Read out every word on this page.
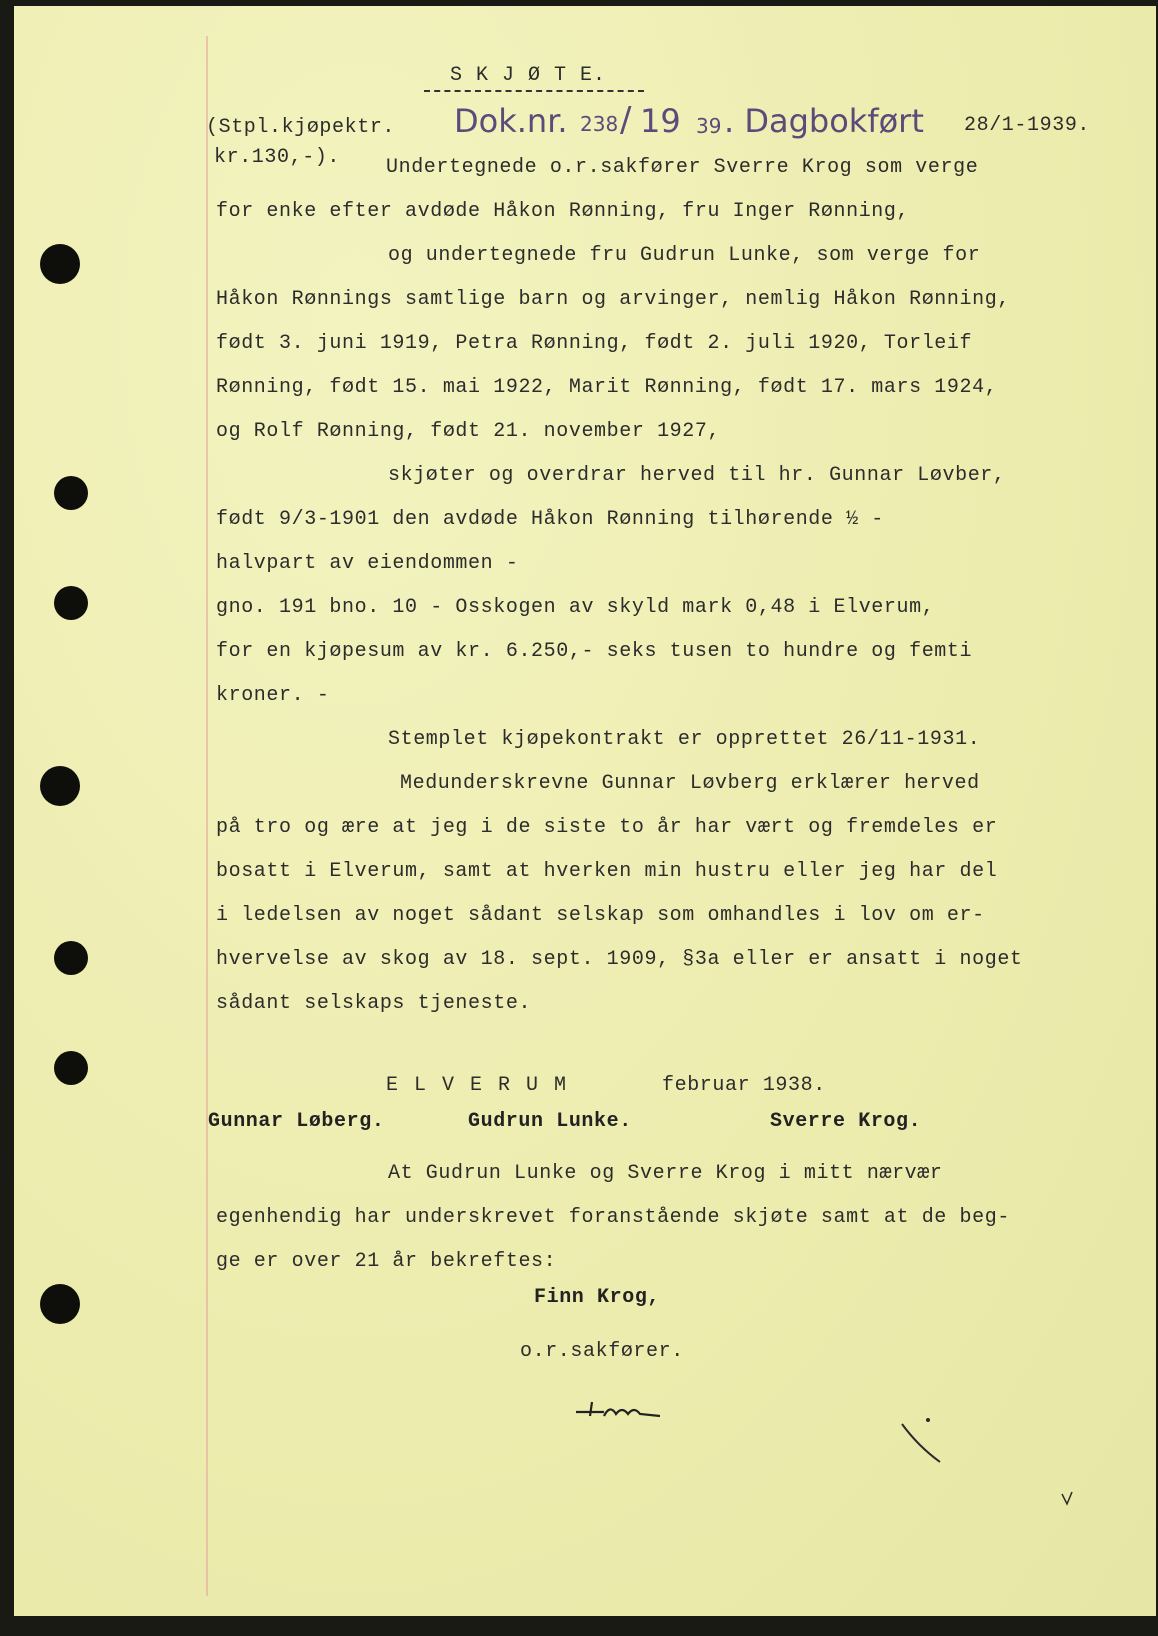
S K J Ø T E.
(Stpl.kjøpektr.
kr.130,-).
Dok.nr. 238 / 19 39 . Dagbokført 28/1-1939.
Undertegnede o.r.sakfører Sverre Krog som verge
for enke efter avdøde Håkon Rønning, fru Inger Rønning,
og undertegnede fru Gudrun Lunke, som verge for
Håkon Rønnings samtlige barn og arvinger, nemlig Håkon Rønning,
født 3. juni 1919, Petra Rønning, født 2. juli 1920, Torleif
Rønning, født 15. mai 1922, Marit Rønning, født 17. mars 1924,
og Rolf Rønning, født 21. november 1927,
skjøter og overdrar herved til hr. Gunnar Løvber,
født 9/3-1901 den avdøde Håkon Rønning tilhørende ½ -
halvpart av eiendommen -
gno. 191 bno. 10 - Osskogen av skyld mark 0,48 i Elverum,
for en kjøpesum av kr. 6.250,- seks tusen to hundre og femti
kroner. -
Stemplet kjøpekontrakt er opprettet 26/11-1931.
Medunderskrevne Gunnar Løvberg erklærer herved
på tro og ære at jeg i de siste to år har vært og fremdeles er
bosatt i Elverum, samt at hverken min hustru eller jeg har del
i ledelsen av noget sådant selskap som omhandles i lov om er-
hvervelse av skog av 18. sept. 1909, §3a eller er ansatt i noget
sådant selskaps tjeneste.
E L V E R U M	februar 1938.
Gunnar Løberg.	Gudrun Lunke.	Sverre Krog.
At Gudrun Lunke og Sverre Krog i mitt nærvær
egenhendig har underskrevet foranstående skjøte samt at de beg-
ge er over 21 år bekreftes:
Finn Krog,
o.r.sakfører.
